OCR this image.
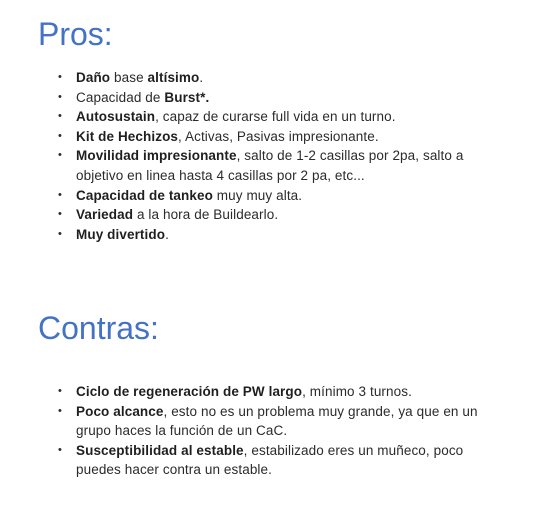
Pros:
• Daño base altísimo.
• Capacidad de Burst*.
• Autosustain, capaz de curarse full vida en un turno.
• Kit de Hechizos, Activas, Pasivas impresionante.
• Movilidad impresionante, salto de 1-2 casillas por 2pa, salto a objetivo en linea hasta 4 casillas por 2 pa, etc...
• Capacidad de tankeo muy muy alta.
• Variedad a la hora de Buildearlo.
• Muy divertido.
Contras:
• Ciclo de regeneración de PW largo, mínimo 3 turnos.
• Poco alcance, esto no es un problema muy grande, ya que en un grupo haces la función de un CaC.
• Susceptibilidad al estable, estabilizado eres un muñeco, poco puedes hacer contra un estable.
